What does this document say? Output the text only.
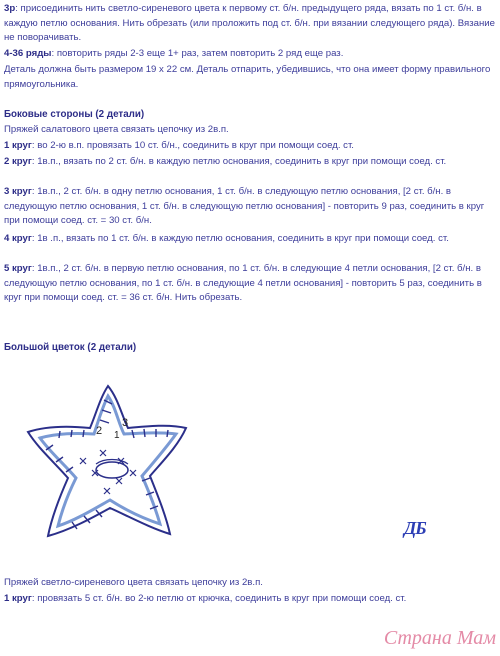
3р: присоединить нить светло-сиреневого цвета к первому ст. б/н. предыдущего ряда, вязать по 1 ст. б/н. в каждую петлю основания. Нить обрезать (или проложить под ст. б/н. при вязании следующего ряда). Вязание не поворачивать.

4-36 ряды: повторить ряды 2-3 еще 1+ раз, затем повторить 2 ряд еще раз.

Деталь должна быть размером 19 х 22 см. Деталь отпарить, убедившись, что она имеет форму правильного прямоугольника.

Боковые стороны (2 детали)

Пряжей салатового цвета связать цепочку из 2в.п.

1 круг: во 2-ю в.п. провязать 10 ст. б/н., соединить в круг при помощи соед. ст.

2 круг: 1в.п., вязать по 2 ст. б/н. в каждую петлю основания, соединить в круг при помощи соед. ст.

3 круг: 1в.п., 2 ст. б/н. в одну петлю основания, 1 ст. б/н. в следующую петлю основания, [2 ст. б/н. в следующую петлю основания, 1 ст. б/н. в следующую петлю основания] - повторить 9 раз, соединить в круг при помощи соед. ст. = 30 ст. б/н.

4 круг: 1в .п., вязать по 1 ст. б/н. в каждую петлю основания, соединить в круг при помощи соед. ст.

5 круг: 1в.п., 2 ст. б/н. в первую петлю основания, по 1 ст. б/н. в следующие 4 петли основания, [2 ст. б/н. в следующую петлю основания, по 1 ст. б/н. в следующие 4 петли основания] - повторить 5 раз, соединить в круг при помощи соед. ст. = 36 ст. б/н. Нить обрезать.

Большой цветок (2 детали)

2 1
3
ДБ

Пряжей светло-сиреневого цвета связать цепочку из 2в.п.

1 круг: провязать 5 ст. б/н. во 2-ю петлю от крючка, соединить в круг при помощи соед. ст.

Страна Мам
